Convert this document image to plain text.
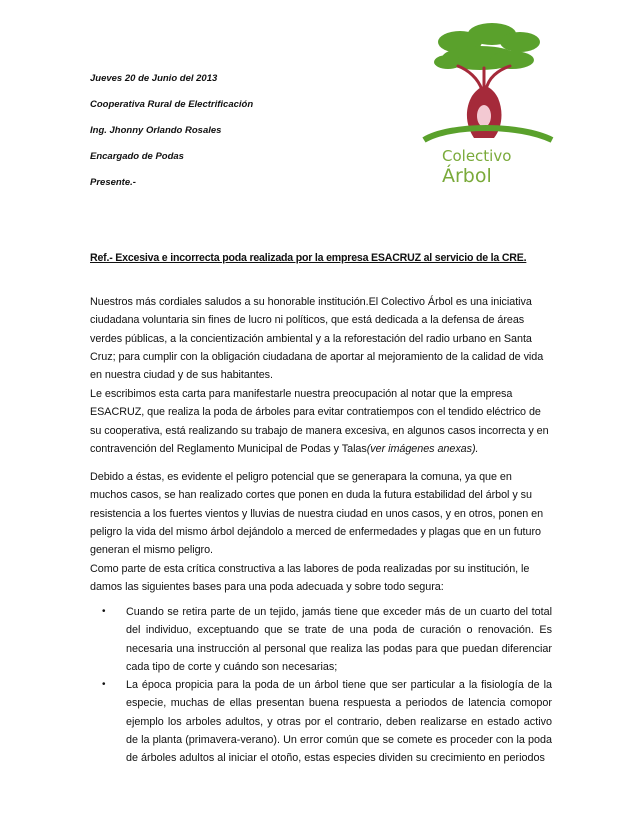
Jueves 20 de Junio del 2013
Cooperativa Rural de Electrificación
Ing. Jhonny Orlando Rosales
Encargado de Podas
Presente.-
Colectivo
Árbol
Ref.- Excesiva e incorrecta poda realizada por la empresa ESACRUZ al servicio de la CRE.

Nuestros más cordiales saludos a su honorable institución.El Colectivo Árbol es una iniciativa ciudadana voluntaria sin fines de lucro ni políticos, que está dedicada a la defensa de áreas verdes públicas, a la concientización ambiental y a la reforestación del radio urbano en Santa Cruz; para cumplir con la obligación ciudadana de aportar al mejoramiento de la calidad de vida en nuestra ciudad y de sus habitantes.

Le escribimos esta carta para manifestarle nuestra preocupación al notar que la empresa ESACRUZ, que realiza la poda de árboles para evitar contratiempos con el tendido eléctrico de su cooperativa, está realizando su trabajo de manera excesiva, en algunos casos incorrecta y en contravención del Reglamento Municipal de Podas y Talas(ver imágenes anexas).

Debido a éstas, es evidente el peligro potencial que se generapara la comuna, ya que en muchos casos, se han realizado cortes que ponen en duda la futura estabilidad del árbol y su resistencia a los fuertes vientos y lluvias de nuestra ciudad en unos casos, y en otros, ponen en peligro la vida del mismo árbol dejándolo a merced de enfermedades y plagas que en un futuro generan el mismo peligro.

Como parte de esta crítica constructiva a las labores de poda realizadas por su institución, le damos las siguientes bases para una poda adecuada y sobre todo segura:

• Cuando se retira parte de un tejido, jamás tiene que exceder más de un cuarto del total del individuo, exceptuando que se trate de una poda de curación o renovación. Es necesaria una instrucción al personal que realiza las podas para que puedan diferenciar cada tipo de corte y cuándo son necesarias;
• La época propicia para la poda de un árbol tiene que ser particular a la fisiología de la especie, muchas de ellas presentan buena respuesta a periodos de latencia comopor ejemplo los arboles adultos, y otras por el contrario, deben realizarse en estado activo de la planta (primavera-verano). Un error común que se comete es proceder con la poda de árboles adultos al iniciar el otoño, estas especies dividen su crecimiento en periodos
